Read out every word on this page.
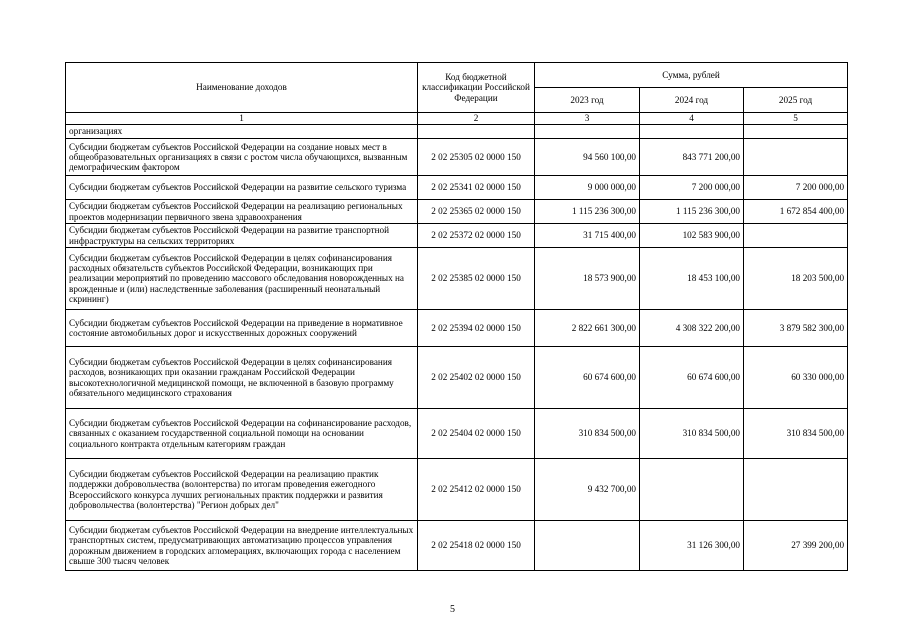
Наименование доходов	Код бюджетной классификации Российской Федерации	Сумма, рублей		
		2023 год	2024 год	2025 год
1	2	3	4	5
организациях				
Субсидии бюджетам субъектов Российской Федерации на создание новых мест в общеобразовательных организациях в связи с ростом числа обучающихся, вызванным демографическим фактором	2 02 25305 02 0000 150	94 560 100,00	843 771 200,00	
Субсидии бюджетам субъектов Российской Федерации на развитие сельского туризма	2 02 25341 02 0000 150	9 000 000,00	7 200 000,00	7 200 000,00
Субсидии бюджетам субъектов Российской Федерации на реализацию региональных проектов модернизации первичного звена здравоохранения	2 02 25365 02 0000 150	1 115 236 300,00	1 115 236 300,00	1 672 854 400,00
Субсидии бюджетам субъектов Российской Федерации на развитие транспортной инфраструктуры на сельских территориях	2 02 25372 02 0000 150	31 715 400,00	102 583 900,00	
Субсидии бюджетам субъектов Российской Федерации в целях софинансирования расходных обязательств субъектов Российской Федерации, возникающих при реализации мероприятий по проведению массового обследования новорожденных на врожденные и (или) наследственные заболевания (расширенный неонатальный скрининг)	2 02 25385 02 0000 150	18 573 900,00	18 453 100,00	18 203 500,00
Субсидии бюджетам субъектов Российской Федерации на приведение в нормативное состояние автомобильных дорог и искусственных дорожных сооружений	2 02 25394 02 0000 150	2 822 661 300,00	4 308 322 200,00	3 879 582 300,00
Субсидии бюджетам субъектов Российской Федерации в целях софинансирования расходов, возникающих при оказании гражданам Российской Федерации высокотехнологичной медицинской помощи, не включенной в базовую программу обязательного медицинского страхования	2 02 25402 02 0000 150	60 674 600,00	60 674 600,00	60 330 000,00
Субсидии бюджетам субъектов Российской Федерации на софинансирование расходов, связанных с оказанием государственной социальной помощи на основании социального контракта отдельным категориям граждан	2 02 25404 02 0000 150	310 834 500,00	310 834 500,00	310 834 500,00
Субсидии бюджетам субъектов Российской Федерации на реализацию практик поддержки добровольчества (волонтерства) по итогам проведения ежегодного Всероссийского конкурса лучших региональных практик поддержки и развития добровольчества (волонтерства) "Регион добрых дел"	2 02 25412 02 0000 150	9 432 700,00		
Субсидии бюджетам субъектов Российской Федерации на внедрение интеллектуальных транспортных систем, предусматривающих автоматизацию процессов управления дорожным движением в городских агломерациях, включающих города с населением свыше 300 тысяч человек	2 02 25418 02 0000 150		31 126 300,00	27 399 200,00
5
